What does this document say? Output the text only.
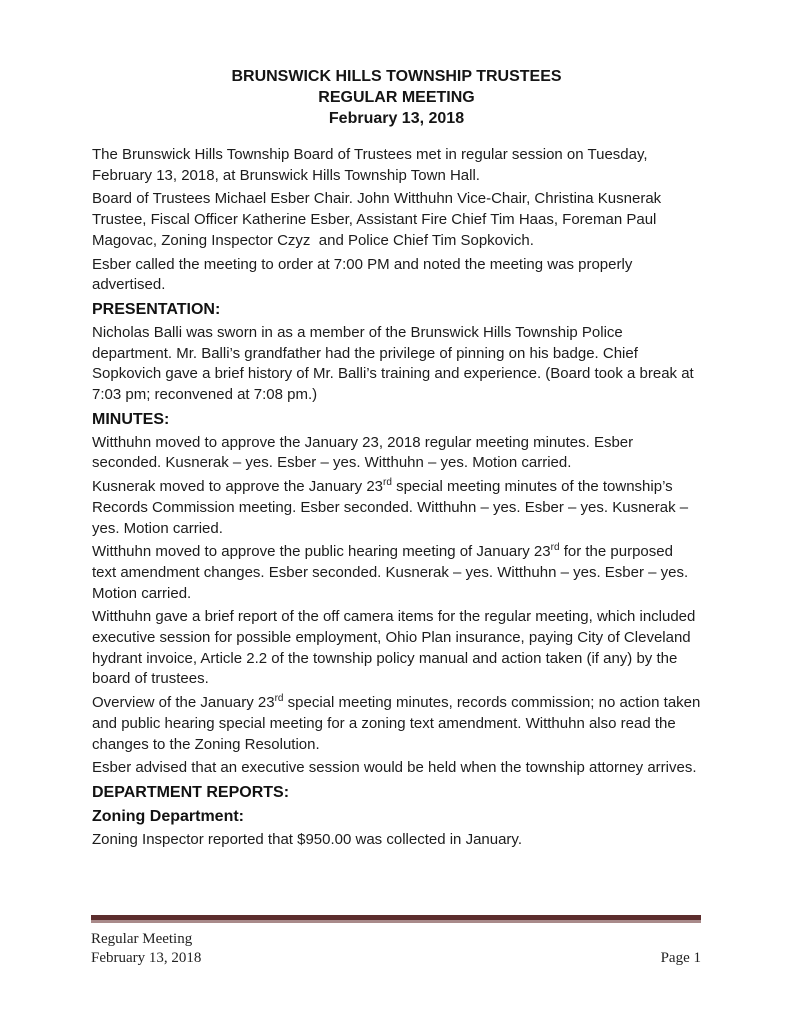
BRUNSWICK HILLS TOWNSHIP TRUSTEES
REGULAR MEETING
February 13, 2018

The Brunswick Hills Township Board of Trustees met in regular session on Tuesday, February 13, 2018, at Brunswick Hills Township Town Hall.

Board of Trustees Michael Esber Chair. John Witthuhn Vice-Chair, Christina Kusnerak Trustee, Fiscal Officer Katherine Esber, Assistant Fire Chief Tim Haas, Foreman Paul Magovac, Zoning Inspector Czyz  and Police Chief Tim Sopkovich.

Esber called the meeting to order at 7:00 PM and noted the meeting was properly advertised.

PRESENTATION:

Nicholas Balli was sworn in as a member of the Brunswick Hills Township Police department. Mr. Balli’s grandfather had the privilege of pinning on his badge. Chief Sopkovich gave a brief history of Mr. Balli’s training and experience. (Board took a break at 7:03 pm; reconvened at 7:08 pm.)

MINUTES:

Witthuhn moved to approve the January 23, 2018 regular meeting minutes. Esber seconded. Kusnerak – yes. Esber – yes. Witthuhn – yes. Motion carried.

Kusnerak moved to approve the January 23rd special meeting minutes of the township’s Records Commission meeting. Esber seconded. Witthuhn – yes. Esber – yes. Kusnerak – yes. Motion carried.

Witthuhn moved to approve the public hearing meeting of January 23rd for the purposed text amendment changes. Esber seconded. Kusnerak – yes. Witthuhn – yes. Esber – yes. Motion carried.

Witthuhn gave a brief report of the off camera items for the regular meeting, which included executive session for possible employment, Ohio Plan insurance, paying City of Cleveland hydrant invoice, Article 2.2 of the township policy manual and action taken (if any) by the board of trustees.

Overview of the January 23rd special meeting minutes, records commission; no action taken and public hearing special meeting for a zoning text amendment. Witthuhn also read the changes to the Zoning Resolution.

Esber advised that an executive session would be held when the township attorney arrives.

DEPARTMENT REPORTS:
Zoning Department:

Zoning Inspector reported that $950.00 was collected in January.

Regular Meeting
February 13, 2018	Page 1
